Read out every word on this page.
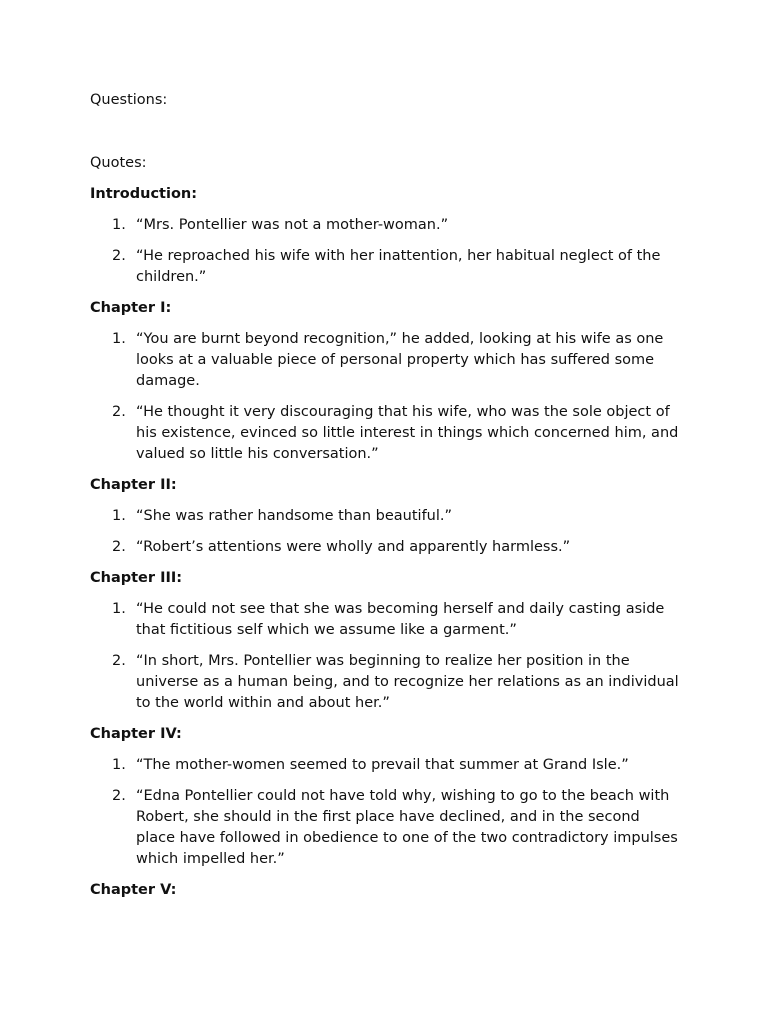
Questions:

Quotes:

Introduction:

1. “Mrs. Pontellier was not a mother-woman.”
2. “He reproached his wife with her inattention, her habitual neglect of the children.”

Chapter I:

1. “You are burnt beyond recognition,” he added, looking at his wife as one looks at a valuable piece of personal property which has suffered some damage.
2. “He thought it very discouraging that his wife, who was the sole object of his existence, evinced so little interest in things which concerned him, and valued so little his conversation.”

Chapter II:

1. “She was rather handsome than beautiful.”
2. “Robert’s attentions were wholly and apparently harmless.”

Chapter III:

1. “He could not see that she was becoming herself and daily casting aside that fictitious self which we assume like a garment.”
2. “In short, Mrs. Pontellier was beginning to realize her position in the universe as a human being, and to recognize her relations as an individual to the world within and about her.”

Chapter IV:

1. “The mother-women seemed to prevail that summer at Grand Isle.”
2. “Edna Pontellier could not have told why, wishing to go to the beach with Robert, she should in the first place have declined, and in the second place have followed in obedience to one of the two contradictory impulses which impelled her.”

Chapter V:
